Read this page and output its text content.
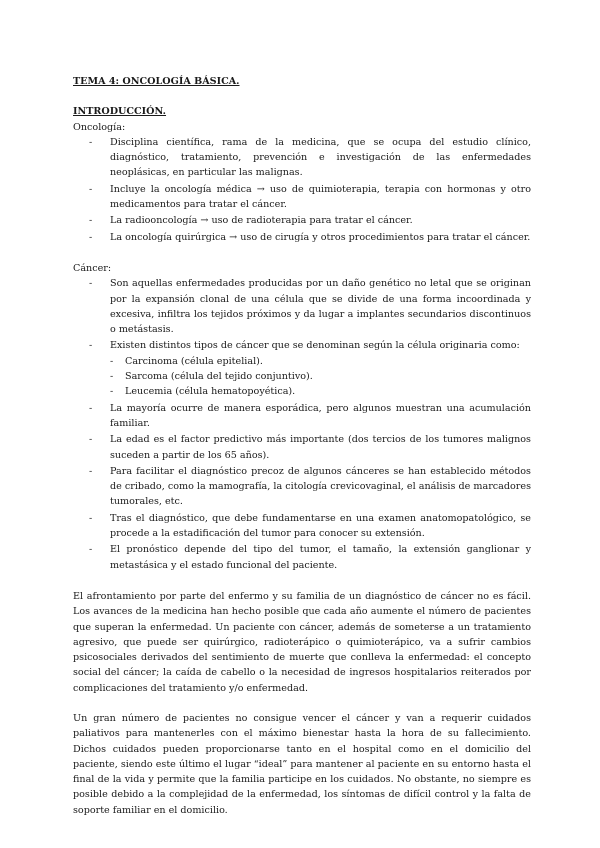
TEMA 4: ONCOLOGÍA BÁSICA.

INTRODUCCIÓN.

Oncología:

- Disciplina científica, rama de la medicina, que se ocupa del estudio clínico, diagnóstico, tratamiento, prevención e investigación de las enfermedades neoplásicas, en particular las malignas.
- Incluye la oncología médica → uso de quimioterapia, terapia con hormonas y otro medicamentos para tratar el cáncer.
- La radiooncología → uso de radioterapia para tratar el cáncer.
- La oncología quirúrgica → uso de cirugía y otros procedimientos para tratar el cáncer.

Cáncer:

- Son aquellas enfermedades producidas por un daño genético no letal que se originan por la expansión clonal de una célula que se divide de una forma incoordinada y excesiva, infiltra los tejidos próximos y da lugar a implantes secundarios discontinuos o metástasis.
- Existen distintos tipos de cáncer que se denominan según la célula originaria como:
- Carcinoma (célula epitelial).
- Sarcoma (célula del tejido conjuntivo).
- Leucemia (célula hematopoyética).
- La mayoría ocurre de manera esporádica, pero algunos muestran una acumulación familiar.
- La edad es el factor predictivo más importante (dos tercios de los tumores malignos suceden a partir de los 65 años).
- Para facilitar el diagnóstico precoz de algunos cánceres se han establecido métodos de cribado, como la mamografía, la citología crevicovaginal, el análisis de marcadores tumorales, etc.
- Tras el diagnóstico, que debe fundamentarse en una examen anatomopatológico, se procede a la estadificación del tumor para conocer su extensión.
- El pronóstico depende del tipo del tumor, el tamaño, la extensión ganglionar y metastásica y el estado funcional del paciente.

El afrontamiento por parte del enfermo y su familia de un diagnóstico de cáncer no es fácil. Los avances de la medicina han hecho posible que cada año aumente el número de pacientes que superan la enfermedad. Un paciente con cáncer, además de someterse a un tratamiento agresivo, que puede ser quirúrgico, radioterápico o quimioterápico, va a sufrir cambios psicosociales derivados del sentimiento de muerte que conlleva la enfermedad: el concepto social del cáncer; la caída de cabello o la necesidad de ingresos hospitalarios reiterados por complicaciones del tratamiento y/o enfermedad.

Un gran número de pacientes no consigue vencer el cáncer y van a requerir cuidados paliativos para mantenerles con el máximo bienestar hasta la hora de su fallecimiento. Dichos cuidados pueden proporcionarse tanto en el hospital como en el domicilio del paciente, siendo este último el lugar “ideal” para mantener al paciente en su entorno hasta el final de la vida y permite que la familia participe en los cuidados. No obstante, no siempre es posible debido a la complejidad de la enfermedad, los síntomas de difícil control y la falta de soporte familiar en el domicilio.
